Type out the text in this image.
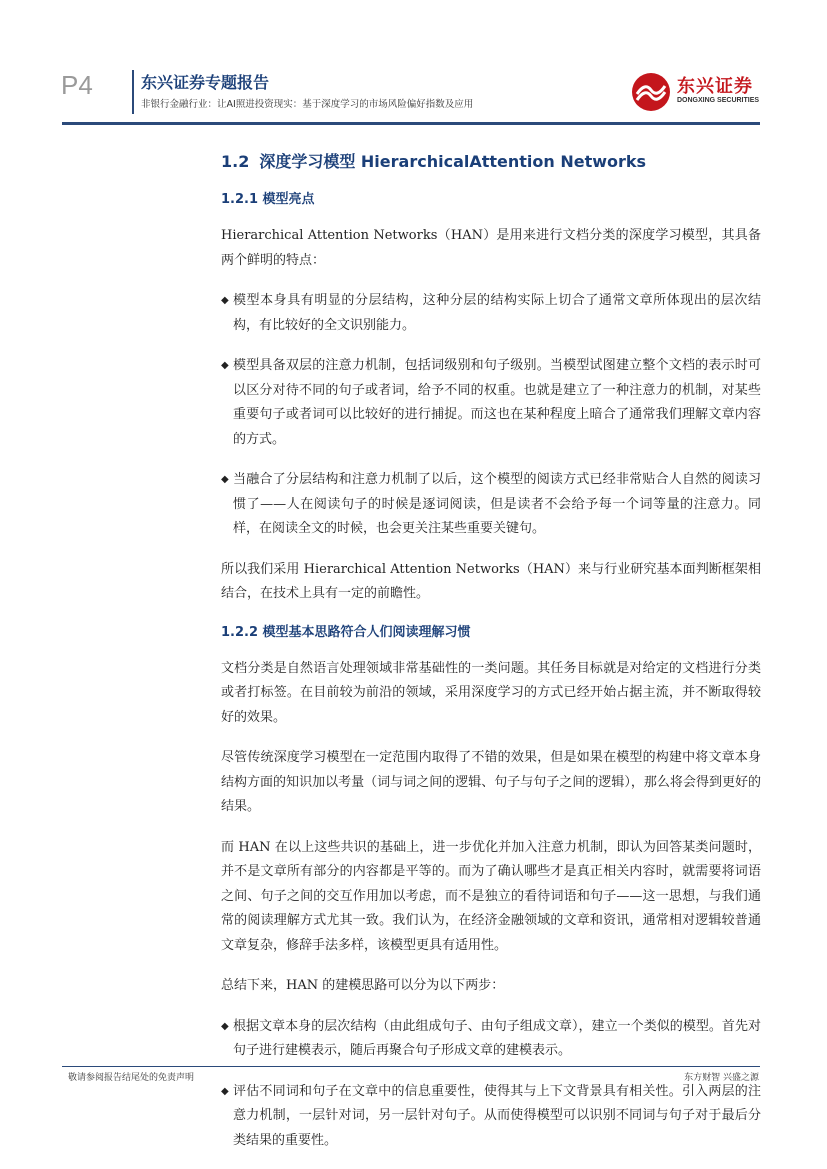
P4	东兴证券专题报告
非银行金融行业：让AI照进投资现实：基于深度学习的市场风险偏好指数及应用
东兴证券
DONGXING SECURITIES
1.2 深度学习模型 HierarchicalAttention Networks
1.2.1 模型亮点

Hierarchical Attention Networks（HAN）是用来进行文档分类的深度学习模型，其具备两个鲜明的特点：

◆ 模型本身具有明显的分层结构，这种分层的结构实际上切合了通常文章所体现出的层次结构，有比较好的全文识别能力。
◆ 模型具备双层的注意力机制，包括词级别和句子级别。当模型试图建立整个文档的表示时可以区分对待不同的句子或者词，给予不同的权重。也就是建立了一种注意力的机制，对某些重要句子或者词可以比较好的进行捕捉。而这也在某种程度上暗合了通常我们理解文章内容的方式。
◆ 当融合了分层结构和注意力机制了以后，这个模型的阅读方式已经非常贴合人自然的阅读习惯了——人在阅读句子的时候是逐词阅读，但是读者不会给予每一个词等量的注意力。同样，在阅读全文的时候，也会更关注某些重要关键句。

所以我们采用 Hierarchical Attention Networks（HAN）来与行业研究基本面判断框架相结合，在技术上具有一定的前瞻性。

1.2.2 模型基本思路符合人们阅读理解习惯

文档分类是自然语言处理领域非常基础性的一类问题。其任务目标就是对给定的文档进行分类或者打标签。在目前较为前沿的领域，采用深度学习的方式已经开始占据主流，并不断取得较好的效果。

尽管传统深度学习模型在一定范围内取得了不错的效果，但是如果在模型的构建中将文章本身结构方面的知识加以考量（词与词之间的逻辑、句子与句子之间的逻辑），那么将会得到更好的结果。

而 HAN 在以上这些共识的基础上，进一步优化并加入注意力机制，即认为回答某类问题时，并不是文章所有部分的内容都是平等的。而为了确认哪些才是真正相关内容时，就需要将词语之间、句子之间的交互作用加以考虑，而不是独立的看待词语和句子——这一思想，与我们通常的阅读理解方式尤其一致。我们认为，在经济金融领域的文章和资讯，通常相对逻辑较普通文章复杂，修辞手法多样，该模型更具有适用性。

总结下来，HAN 的建模思路可以分为以下两步：

◆ 根据文章本身的层次结构（由此组成句子、由句子组成文章），建立一个类似的模型。首先对句子进行建模表示，随后再聚合句子形成文章的建模表示。
◆ 评估不同词和句子在文章中的信息重要性，使得其与上下文背景具有相关性。引入两层的注意力机制，一层针对词，另一层针对句子。从而使得模型可以识别不同词与句子对于最后分类结果的重要性。
敬请参阅报告结尾处的免责声明	东方财智 兴盛之源
